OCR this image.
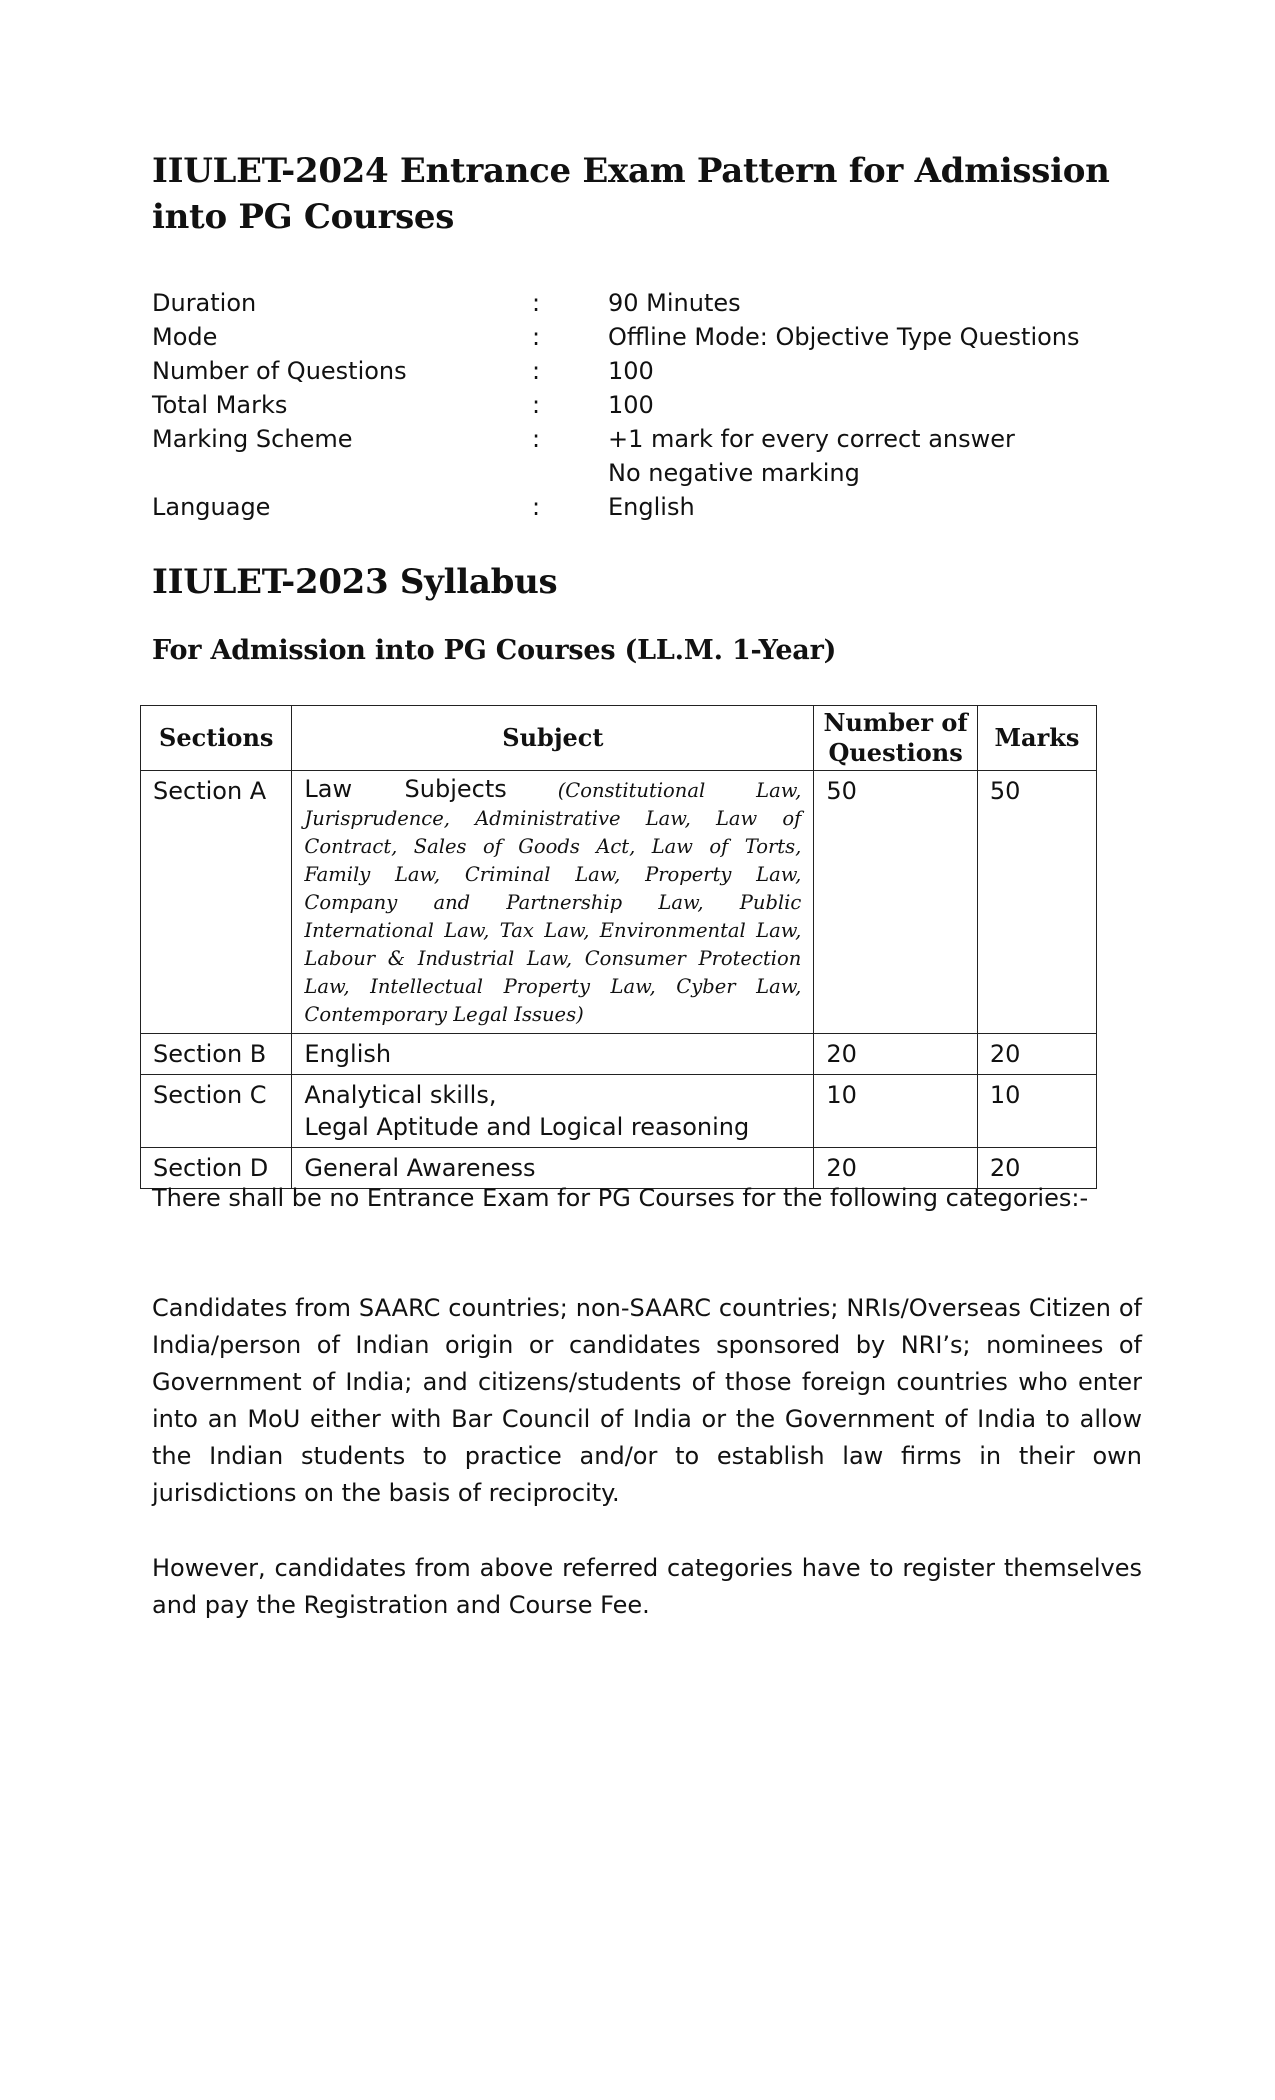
IIULET-2024 Entrance Exam Pattern for Admission into PG Courses
Duration	:	90 Minutes
Mode	:	Offline Mode: Objective Type Questions
Number of Questions	:	100
Total Marks	:	100
Marking Scheme	:	+1 mark for every correct answer
No negative marking
Language	:	English
IIULET-2023 Syllabus
For Admission into PG Courses (LL.M. 1-Year)
Sections	Subject	Number of Questions	Marks
Section A	Law Subjects (Constitutional Law, Jurisprudence, Administrative Law, Law of Contract, Sales of Goods Act, Law of Torts, Family Law, Criminal Law, Property Law, Company and Partnership Law, Public International Law, Tax Law, Environmental Law, Labour & Industrial Law, Consumer Protection Law, Intellectual Property Law, Cyber Law, Contemporary Legal Issues)	50	50
Section B	English	20	20
Section C	Analytical skills,
Legal Aptitude and Logical reasoning	10	10
Section D	General Awareness	20	20

There shall be no Entrance Exam for PG Courses for the following categories:-

Candidates from SAARC countries; non-SAARC countries; NRIs/Overseas Citizen of India/person of Indian origin or candidates sponsored by NRI’s; nominees of Government of India; and citizens/students of those foreign countries who enter into an MoU either with Bar Council of India or the Government of India to allow the Indian students to practice and/or to establish law firms in their own jurisdictions on the basis of reciprocity.

However, candidates from above referred categories have to register themselves and pay the Registration and Course Fee.
